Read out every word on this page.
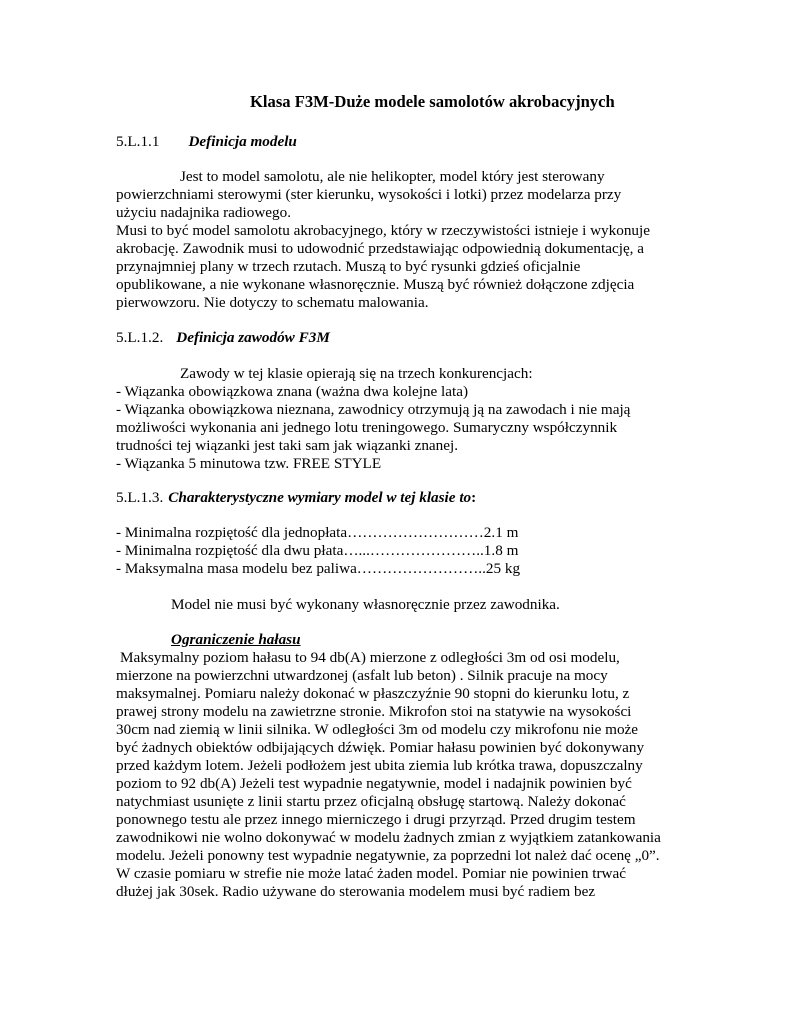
Klasa F3M-Duże modele samolotów akrobacyjnych
5.L.1.1 Definicja modelu
Jest to model samolotu, ale nie helikopter, model który jest sterowany
powierzchniami sterowymi (ster kierunku, wysokości i lotki) przez modelarza przy
użyciu nadajnika radiowego.
Musi to być model samolotu akrobacyjnego, który w rzeczywistości istnieje i wykonuje
akrobację. Zawodnik musi to udowodnić przedstawiając odpowiednią dokumentację, a
przynajmniej plany w trzech rzutach. Muszą to być rysunki gdzieś oficjalnie
opublikowane, a nie wykonane własnoręcznie. Muszą być również dołączone zdjęcia
pierwowzoru. Nie dotyczy to schematu malowania.
5.L.1.2. Definicja zawodów F3M
Zawody w tej klasie opierają się na trzech konkurencjach:
- Wiązanka obowiązkowa znana (ważna dwa kolejne lata)
- Wiązanka obowiązkowa nieznana, zawodnicy otrzymują ją na zawodach i nie mają
możliwości wykonania ani jednego lotu treningowego. Sumaryczny współczynnik
trudności tej wiązanki jest taki sam jak wiązanki znanej.
- Wiązanka 5 minutowa tzw. FREE STYLE
5.L.1.3. Charakterystyczne wymiary model w tej klasie to:
- Minimalna rozpiętość dla jednopłata………………………2.1 m
- Minimalna rozpiętość dla dwu płata…...…………………..1.8 m
- Maksymalna masa modelu bez paliwa……………………..25 kg
Model nie musi być wykonany własnoręcznie przez zawodnika.
Ograniczenie hałasu
Maksymalny poziom hałasu to 94 db(A) mierzone z odległości 3m od osi modelu,
mierzone na powierzchni utwardzonej (asfalt lub beton) . Silnik pracuje na mocy
maksymalnej. Pomiaru należy dokonać w płaszczyźnie 90 stopni do kierunku lotu, z
prawej strony modelu na zawietrzne stronie. Mikrofon stoi na statywie na wysokości
30cm nad ziemią w linii silnika. W odległości 3m od modelu czy mikrofonu nie może
być żadnych obiektów odbijających dźwięk. Pomiar hałasu powinien być dokonywany
przed każdym lotem. Jeżeli podłożem jest ubita ziemia lub krótka trawa, dopuszczalny
poziom to 92 db(A) Jeżeli test wypadnie negatywnie, model i nadajnik powinien być
natychmiast usunięte z linii startu przez oficjalną obsługę startową. Należy dokonać
ponownego testu ale przez innego mierniczego i drugi przyrząd. Przed drugim testem
zawodnikowi nie wolno dokonywać w modelu żadnych zmian z wyjątkiem zatankowania
modelu. Jeżeli ponowny test wypadnie negatywnie, za poprzedni lot należ dać ocenę „0”.
W czasie pomiaru w strefie nie może latać żaden model. Pomiar nie powinien trwać
dłużej jak 30sek. Radio używane do sterowania modelem musi być radiem bez
